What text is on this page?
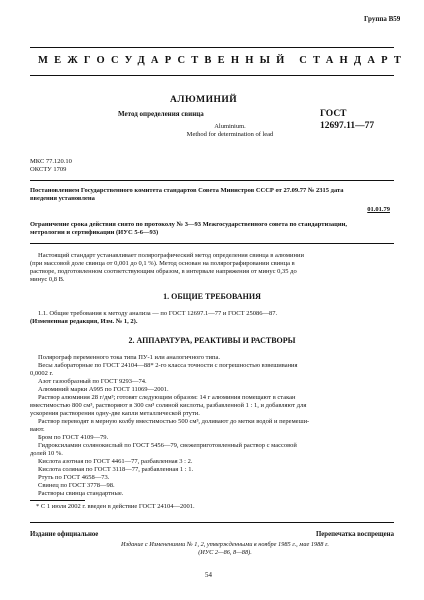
Группа В59
МЕЖГОСУДАРСТВЕННЫЙ СТАНДАРТ
АЛЮМИНИЙ
Метод определения свинца
Aluminium.
Method for determination of lead
ГОСТ
12697.11—77
МКС 77.120.10
ОКСТУ 1709
Постановлением Государственного комитета стандартов Совета Министров СССР от 27.09.77 № 2315 дата
введения установлена
01.01.79
Ограничение срока действия снято по протоколу № 3—93 Межгосударственного совета по стандартизации,
метрологии и сертификации (ИУС 5-6—93)
Настоящий стандарт устанавливает полярографический метод определения свинца в алюминии
(при массовой доле свинца от 0,001 до 0,1 %). Метод основан на полярографировании свинца в
растворе, подготовленном соответствующим образом, в интервале напряжения от минус 0,35 до
минус 0,8 В.
1. ОБЩИЕ ТРЕБОВАНИЯ
1.1. Общие требования к методу анализа — по ГОСТ 12697.1—77 и ГОСТ 25086—87.
(Измененная редакция, Изм. № 1, 2).
2. АППАРАТУРА, РЕАКТИВЫ И РАСТВОРЫ
Полярограф переменного тока типа ПУ-1 или аналогичного типа.
Весы лабораторные по ГОСТ 24104—88* 2-го класса точности с погрешностью взвешивания
0,0002 г.
Азот газообразный по ГОСТ 9293—74.
Алюминий марки А995 по ГОСТ 11069—2001.
Раствор алюминия 28 г/дм³; готовят следующим образом: 14 г алюминия помещают в стакан
вместимостью 800 см³, растворяют в 300 см³ соляной кислоты, разбавленной 1 : 1, и добавляют для
ускорения растворения одну-две капли металлической ртути.
Раствор переводят в мерную колбу вместимостью 500 см³, доливают до метки водой и перемеши-
вают.
Бром по ГОСТ 4109—79.
Гидроксиламин солянокислый по ГОСТ 5456—79, свежеприготовленный раствор с массовой
долей 10 %.
Кислота азотная по ГОСТ 4461—77, разбавленная 3 : 2.
Кислота соляная по ГОСТ 3118—77, разбавленная 1 : 1.
Ртуть по ГОСТ 4658—73.
Свинец по ГОСТ 3778—98.
Растворы свинца стандартные.
* С 1 июля 2002 г. введен в действие ГОСТ 24104—2001.
Издание официальное	Перепечатка воспрещена
Издание с Изменениями № 1, 2, утвержденными в ноябре 1985 г., мае 1988 г.
(ИУС 2—86, 8—88).
54
